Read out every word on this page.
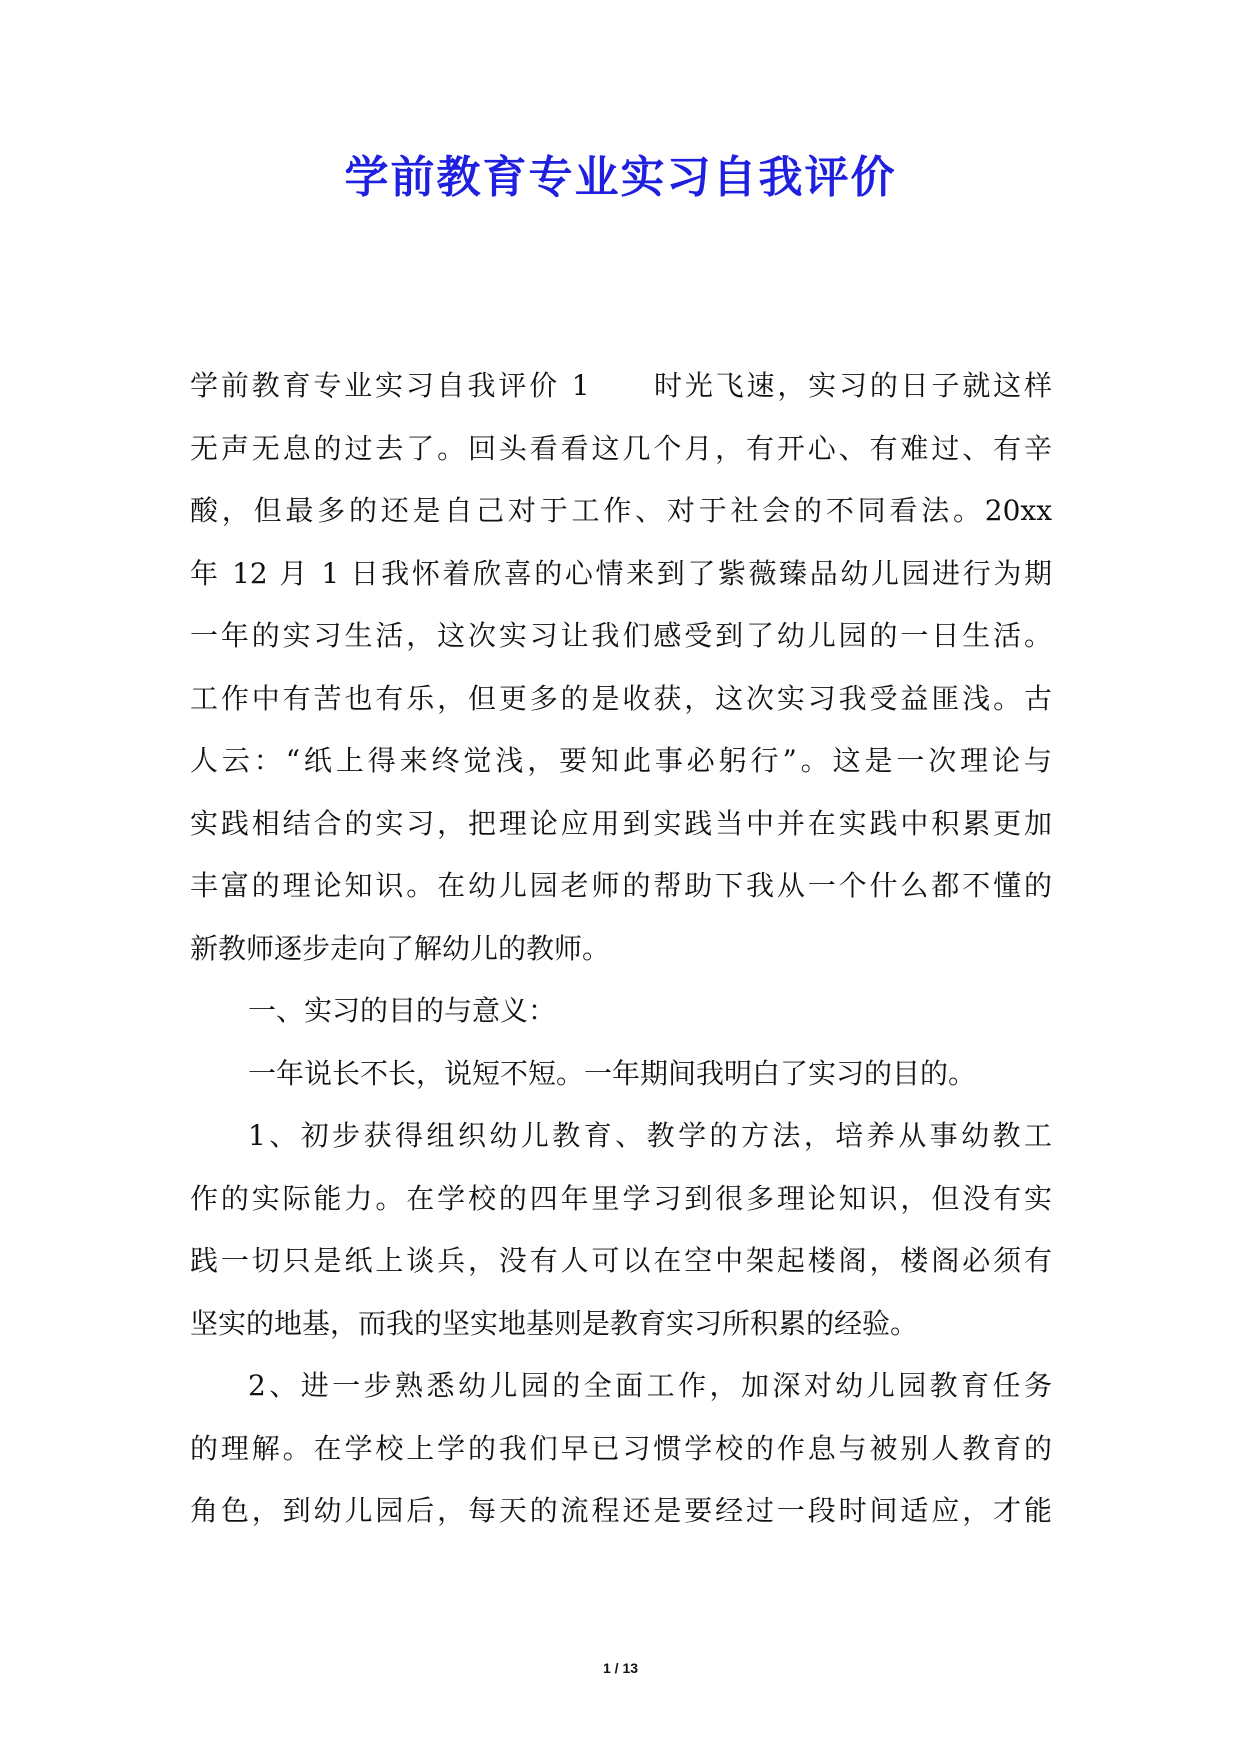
学前教育专业实习自我评价
学前教育专业实习自我评价 1　　时光飞速，实习的日子就这样
无声无息的过去了。回头看看这几个月，有开心、有难过、有辛
酸，但最多的还是自己对于工作、对于社会的不同看法。20xx
年 12 月 1 日我怀着欣喜的心情来到了紫薇臻品幼儿园进行为期
一年的实习生活，这次实习让我们感受到了幼儿园的一日生活。
工作中有苦也有乐，但更多的是收获，这次实习我受益匪浅。古
人云：“纸上得来终觉浅，要知此事必躬行”。这是一次理论与
实践相结合的实习，把理论应用到实践当中并在实践中积累更加
丰富的理论知识。在幼儿园老师的帮助下我从一个什么都不懂的
新教师逐步走向了解幼儿的教师。
一、实习的目的与意义：
一年说长不长，说短不短。一年期间我明白了实习的目的。
1、初步获得组织幼儿教育、教学的方法，培养从事幼教工
作的实际能力。在学校的四年里学习到很多理论知识，但没有实
践一切只是纸上谈兵，没有人可以在空中架起楼阁，楼阁必须有
坚实的地基，而我的坚实地基则是教育实习所积累的经验。
2、进一步熟悉幼儿园的全面工作，加深对幼儿园教育任务
的理解。在学校上学的我们早已习惯学校的作息与被别人教育的
角色，到幼儿园后，每天的流程还是要经过一段时间适应，才能
1 / 13
